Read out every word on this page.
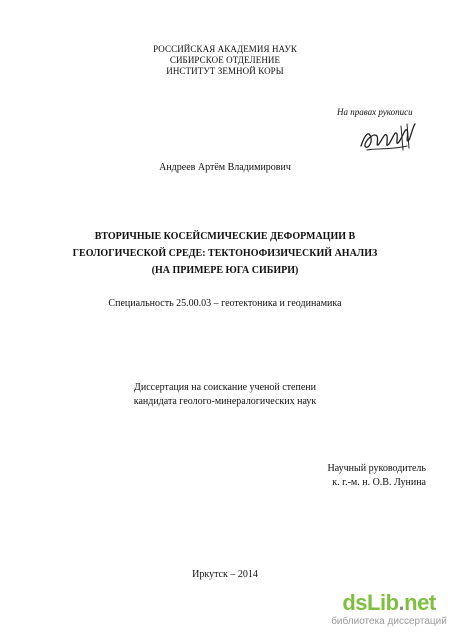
РОССИЙСКАЯ АКАДЕМИЯ НАУК
СИБИРСКОЕ ОТДЕЛЕНИЕ
ИНСТИТУТ ЗЕМНОЙ КОРЫ
На правах рукописи
Андреев Артём Владимирович
ВТОРИЧНЫЕ КОСЕЙСМИЧЕСКИЕ ДЕФОРМАЦИИ В
ГЕОЛОГИЧЕСКОЙ СРЕДЕ: ТЕКТОНОФИЗИЧЕСКИЙ АНАЛИЗ
(НА ПРИМЕРЕ ЮГА СИБИРИ)
Специальность 25.00.03 – геотектоника и геодинамика
Диссертация на соискание ученой степени
кандидата геолого-минералогических наук
Научный руководитель
к. г.-м. н. О.В. Лунина
Иркутск – 2014
dsLib.net
библиотека диссертаций
